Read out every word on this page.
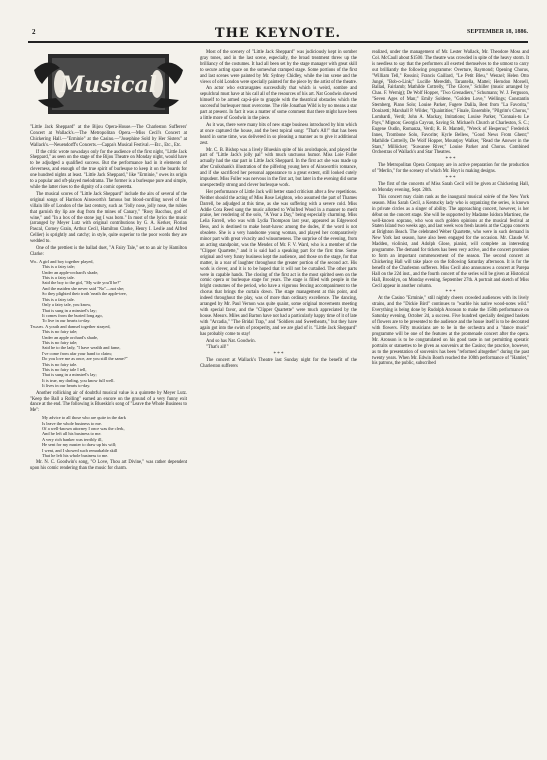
2	THE KEYNOTE.	SEPTEMBER 18, 1886.
Musical

"Little Jack Sheppard" at the Bijou Opera-House.—The Charleston Sufferers' Concert at Wallack's.—The Metropolitan Opera.—Miss Cecil's Concert at Chickering Hall.—"Erminie" at the Casino.—"Josephine Sold by Her Sisters" at Wallack's.—Neuendorff's Concerts.—Cappa's Musical Festival.—Etc., Etc., Etc.

If the critic wrote nowadays only for the audience of the first night, "Little Jack Sheppard," as seen on the stage of the Bijou Theatre on Monday night, would have to be adjudged a qualified success. But the performance had in it elements of cleverness, and enough of the true spirit of burlesque to keep it on the boards for one hundred nights at least. "Little Jack Sheppard," like "Erminie," owes its origin to a popular and oft-played melodrama. The former is a burlesque pure and simple, while the latter rises to the dignity of a comic operetta.

The musical scores of "Little Jack Sheppard" include the airs of several of the original songs of Harrison Ainsworth's famous but blood-curdling novel of the villain life of London of the last century, such as "Jolly nose, jolly nose, the rubies that garnish thy lip are dug from the mines of Canary," "Rosy Bacchus, god of wine," and "In a box of the stone jug I was born." In most of the lyrics the music (arranged by Meyer Lutz with original contributions by G. A. Kerker, Florian Pascal, Corney Grain, Arthur Cecil, Hamilton Clarke, Henry I. Leslie and Alfred Cellier) is sprightly and catchy; in style, quite superior to the poor words they are wedded to.

One of the prettiest is the ballad duet, "A Fairy Tale," set to an air by Hamilton Clarke:

Wil. A girl and boy together played,
This is a fairy tale;
Under an apple-orchard's shade,
This is a fairy tale.
Said the boy to the girl, "My wife you'll be?"
And the maiden she never said "No"—not she;
So they plighted their troth 'neath the apple-tree,
This is a fairy tale.
Only a fairy tale, you know,
That is sung in a minstrel's lay;
It comes from the buried long ago,
To live in our hearts to-day.
Thames. A youth and damsel together strayed,
This is no fairy tale;
Under an apple orchard's shade,
This is no fairy tale;
Said he to the lady, "I have wealth and fame,
I've come from afar your hand to claim;
Do you love me as once, are you still the same?"
This is no fairy tale.
This is no fairy tale I tell,
That is sung in a minstrel's lay;
It is true, my darling, you know full well.
It lives in our hearts to-day.

Another rollicking air of doubtful musical value is a quintette by Meyer Lutz. "Keep the Ball a Rolling" earned an encore on the ground of a very funny exit dance at the end. The following is Blueskin's song of "Leave the Whole Business to Me":

My advice to all those who are quite in the dark
Is leave the whole business to me.
Of a well-known attorney I once was the clerk,
And he left all his business to me.
A very rich banker was terribly ill,
He sent for my master to draw up his will;
I went, and I showed such remarkable skill
That he left his whole business to me.

Mr. N. C. Goodwin's song, "O Love, Thou art Divine," was rather dependent upon his comic rendering than the music for charm.

Most of the scenery of "Little Jack Sheppard" was judiciously kept in somber gray tones, and in the last scene, especially, the broad treatment threw up the brilliancy of the costumes. It had all been set by the stage manager with great skill to secure acting space on the somewhat cramped stage. Some portions of the first and last scenes were painted by Mr. Sydney Chidley, while the inn scene and the views of old London were specially painted for the piece by the artist of the theatre.

An actor who extravagates successfully that which is weird, sombre and sepulchral must have at his call all of the resources of his art. Nat Goodwin showed himself to be armed cap-à-pie to grapple with the theatrical obstacles which the successful burlesquer must overcome. The rôle Jonathan Wild is by no means a star part at present. In fact it was a matter of some comment that there might have been a little more of Goodwin in the piece.

As it was, there were many bits of new stage business introduced by him which at once captured the house, and the best topical song: "That's All!" that has been heard in some time, was delivered in so pleasing a manner as to give it additional zest.

Mr. C. B. Bishop was a lively Blueskin spite of his avoirdupois, and played the part of "Little Jack's jolly pal" with much unctuous humor. Miss Loie Fuller actually had the star part in Little Jack Sheppard. In the first act she was made up after Cruikshank's illustration of the pilfering young hero of Ainsworth's romance, and if she sacrificed her personal appearance to a great extent, still looked cutely impudent. Miss Fuller was nervous in the first act, but later in the evening did some unexpectedly strong and clever burlesque work.

Her performance of Little Jack will better stand criticism after a few repetitions. Neither should the acting of Miss Rose Leighton, who assumed the part of Thames Darrell, be adjudged at this time, as she was suffering with a severe cold. Miss Addie Cora Reed sang the music allotted to Winifred Wood in a manner to merit praise, her rendering of the solo, "A Year a Day," being especially charming. Miss Lelia Farrell, who was with Lydia Thompson last year, appeared as Edgewood Bess, and is destined to make heart-havoc among the dudes, if the word is not obsolete. She is a very handsome young woman, and played her comparatively minor part with great vivacity and winsomeness. The surprise of the evening, from an acting standpoint, was the Mendez of Mr. F. V. Ward, who is a member of the "Clipper Quartette," and it is said had a speaking part for the first time. Some original and very funny business kept the audience, and those on the stage, for that matter, in a roar of laughter throughout the greater portion of the second act. His work is clever, and it is to be hoped that it will not be curtailed. The other parts were in capable hands. The closing of the first act is the most spirited seen on the comic opera or burlesque stage for years. The stage is filled with people in the bright costumes of the period, who have a vigorous fencing accompaniment to the chorus that brings the curtain down. The stage management at this point, and indeed throughout the play, was of more than ordinary excellence. The dancing, arranged by Mr. Paul Vernon was quite quaint, some original movements meeting with special favor, and the "Clipper Quartette" were much appreciated by the house. Messrs. Miles and Barton have not had a particularly happy time of it of late with "Arcadia," "The Bridal Trap," and "Soldiers and Sweethearts," but they have again got into the swim of prosperity, and we are glad of it. "Little Jack Sheppard" has probably come to stay!

And so has Nat. Goodwin.

"That's all!"

* * *

The concert at Wallack's Theatre last Sunday night for the benefit of the Charleston sufferers

realized, under the management of Mr. Lester Wallack, Mr. Theodore Moss and Col. McCaull about $1500. The theatre was crowded in spite of the heavy storm. It is needless to say that the performers all exerted themselves to the utmost to carry out brilliantly the following programme: Overture, Raymond; Opening Chorus, "William Tell," Rossini; Francis Gaillard, "Le Petit Bleu," Wenzel; Helen Otto Jungé, "Bob-o-Link;" Lucille Meredith, Tarantella, Mattei; Herndon Morsell, Ballad, Fairlamb; Mathilde Cottrelly, "The Glove," Schiller (music arranged by Chas. F. Wernig); De Wolf Hopper, "Two Grenadiers," Schumann; W. J. Ferguson, "Seven Ages of Man;" Emily Soldene, "Golden Love," Wellings; Constantin Sternberg, Piano Solo; Louise Parker, Fugere Dalila, Best from "La Favorita," Donizetti; Marshall P. Wilder, "Quaintities;" Finale, Ensemble, "Pilgrim's Chorus," Lombardi, Verdi; John A. Mackay, Imitations; Louise Parker, "Connais-tu Le Pays," Mignon; Georgia Cayvan, Saving St. Michael's Church at Charleston, S. C.; Eugene Oudin, Romanza, Verdi; R. B. Mantell, "Wreck of Hesperus;" Frederick Innes, Trombone Solo, Favorite; Kyrle Bellew, "Good News From Ghent;" Mathilde Cottrelly, De Wolf Hopper, Mountjoy Walker, "Read the Answer in the Stars," Millöcker; "Suwanee River," Louise Parker and Chorus. Combined Orchestras of Wallack's and Star Theatres.

* * *

The Metropolitan Opera Company are in active preparation for the production of "Merlin," for the scenery of which Mr. Hoyt is making designs.

* * *

The first of the concerts of Miss Sarah Cecil will be given at Chickering Hall, on Monday evening, Sept. 20th.

This concert may claim rank as the inaugural musical soirée of the New York season. Miss Sarah Cecil, a Kentucky lady who is organizing the series, is known in private circles as a singer of ability. The approaching concert, however, is her début on the concert stage. She will be supported by Madame Isidora Martinez, the well-known soprano, who won such golden opinions at the musical festival at Staten Island two weeks ago, and last week won fresh laurels at the Cappa concerts at Brighton Beach. The celebrated Weber Quartette, who were in such demand in New York last season, have also been engaged for the occasion. Mr. Claude W. Madden, violinist, and Adolph Glose, pianist, will complete an interesting programme. The demand for tickets has been very active, and the concert promises to form an important commencement of the season. The second concert at Chickering Hall will take place on the following Saturday afternoon. It is for the benefit of the Charleston sufferers. Miss Cecil also announces a concert at Parepa Hall on the 22d inst., and the fourth concert of the series will be given at Historical Hall, Brooklyn, on Monday evening, September 27th. A portrait and sketch of Miss Cecil appear in another column.

* * *

At the Casino "Erminie," still nightly cheers crowded audiences with its lively strains, and the "Dickie Bird" continues to "warble his native wood-notes wild." Everything is being done by Rudolph Aronson to make the 150th performance on Saturday evening, October 2d, a success. Five hundred specially designed baskets of flowers are to be presented to the audience and the house itself is to be decorated with flowers. Fifty musicians are to be in the orchestra and a "dance music" programme will be one of the features at the promenade concert after the opera. Mr. Aronson is to be congratulated on his good taste in not permitting operatic portraits or statuettes to be given as souvenirs at the Casino; the practice, however, as to the presentation of souvenirs has been "reformed altogether" during the past twenty years. When Mr. Edwin Booth reached the 100th performance of "Hamlet," his patrons, the public, subscribed
